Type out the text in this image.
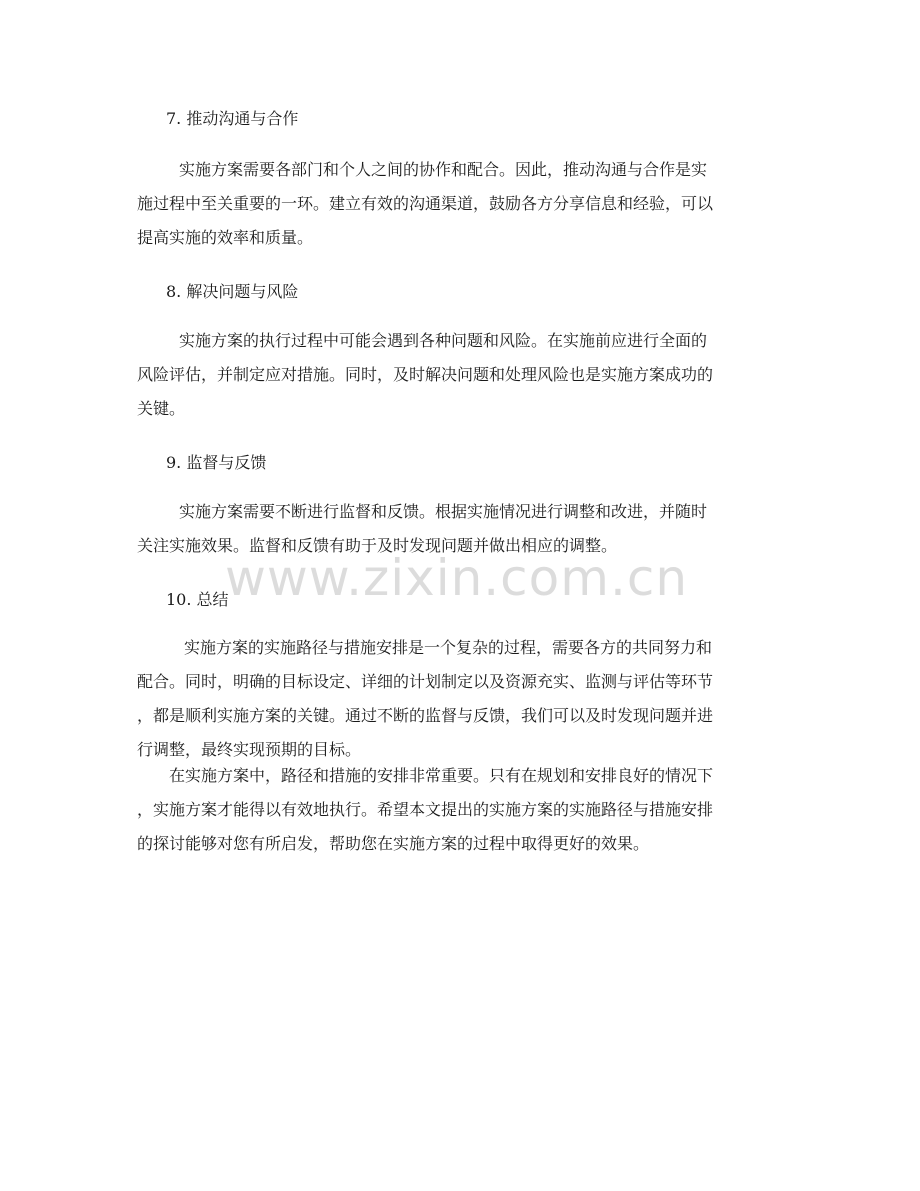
www.zixin.com.cn
7. 推动沟通与合作
实施方案需要各部门和个人之间的协作和配合。因此，推动沟通与合作是实
施过程中至关重要的一环。建立有效的沟通渠道，鼓励各方分享信息和经验，可以
提高实施的效率和质量。
8. 解决问题与风险
实施方案的执行过程中可能会遇到各种问题和风险。在实施前应进行全面的
风险评估，并制定应对措施。同时，及时解决问题和处理风险也是实施方案成功的
关键。
9. 监督与反馈
实施方案需要不断进行监督和反馈。根据实施情况进行调整和改进，并随时
关注实施效果。监督和反馈有助于及时发现问题并做出相应的调整。
10. 总结
实施方案的实施路径与措施安排是一个复杂的过程，需要各方的共同努力和
配合。同时，明确的目标设定、详细的计划制定以及资源充实、监测与评估等环节
，都是顺利实施方案的关键。通过不断的监督与反馈，我们可以及时发现问题并进
行调整，最终实现预期的目标。
在实施方案中，路径和措施的安排非常重要。只有在规划和安排良好的情况下
，实施方案才能得以有效地执行。希望本文提出的实施方案的实施路径与措施安排
的探讨能够对您有所启发，帮助您在实施方案的过程中取得更好的效果。
